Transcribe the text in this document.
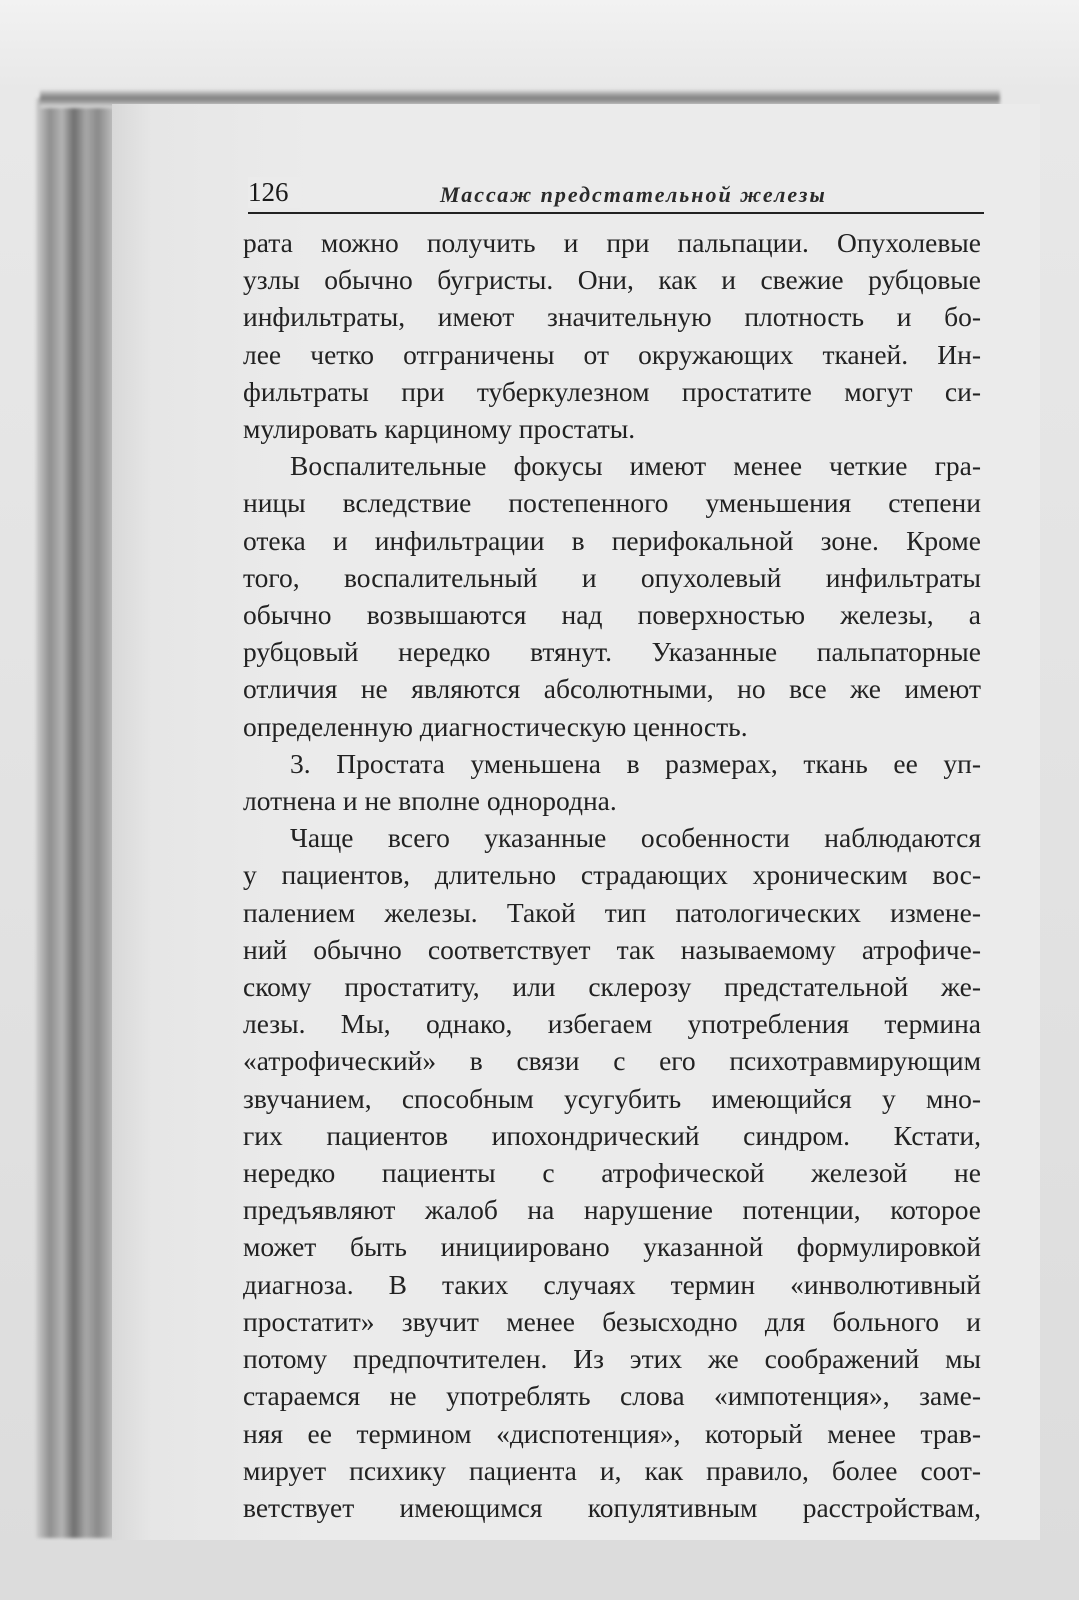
126	Массаж предстательной железы
рата можно получить и при пальпации. Опухолевые
узлы обычно бугристы. Они, как и свежие рубцовые
инфильтраты, имеют значительную плотность и бо-
лее четко отграничены от окружающих тканей. Ин-
фильтраты при туберкулезном простатите могут си-
мулировать карциному простаты.
Воспалительные фокусы имеют менее четкие гра-
ницы вследствие постепенного уменьшения степени
отека и инфильтрации в перифокальной зоне. Кроме
того, воспалительный и опухолевый инфильтраты
обычно возвышаются над поверхностью железы, а
рубцовый нередко втянут. Указанные пальпаторные
отличия не являются абсолютными, но все же имеют
определенную диагностическую ценность.
3. Простата уменьшена в размерах, ткань ее уп-
лотнена и не вполне однородна.
Чаще всего указанные особенности наблюдаются
у пациентов, длительно страдающих хроническим вос-
палением железы. Такой тип патологических измене-
ний обычно соответствует так называемому атрофиче-
скому простатиту, или склерозу предстательной же-
лезы. Мы, однако, избегаем употребления термина
«атрофический» в связи с его психотравмирующим
звучанием, способным усугубить имеющийся у мно-
гих пациентов ипохондрический синдром. Кстати,
нередко пациенты с атрофической железой не
предъявляют жалоб на нарушение потенции, которое
может быть инициировано указанной формулировкой
диагноза. В таких случаях термин «инволютивный
простатит» звучит менее безысходно для больного и
потому предпочтителен. Из этих же соображений мы
стараемся не употреблять слова «импотенция», заме-
няя ее термином «диспотенция», который менее трав-
мирует психику пациента и, как правило, более соот-
ветствует имеющимся копулятивным расстройствам,
